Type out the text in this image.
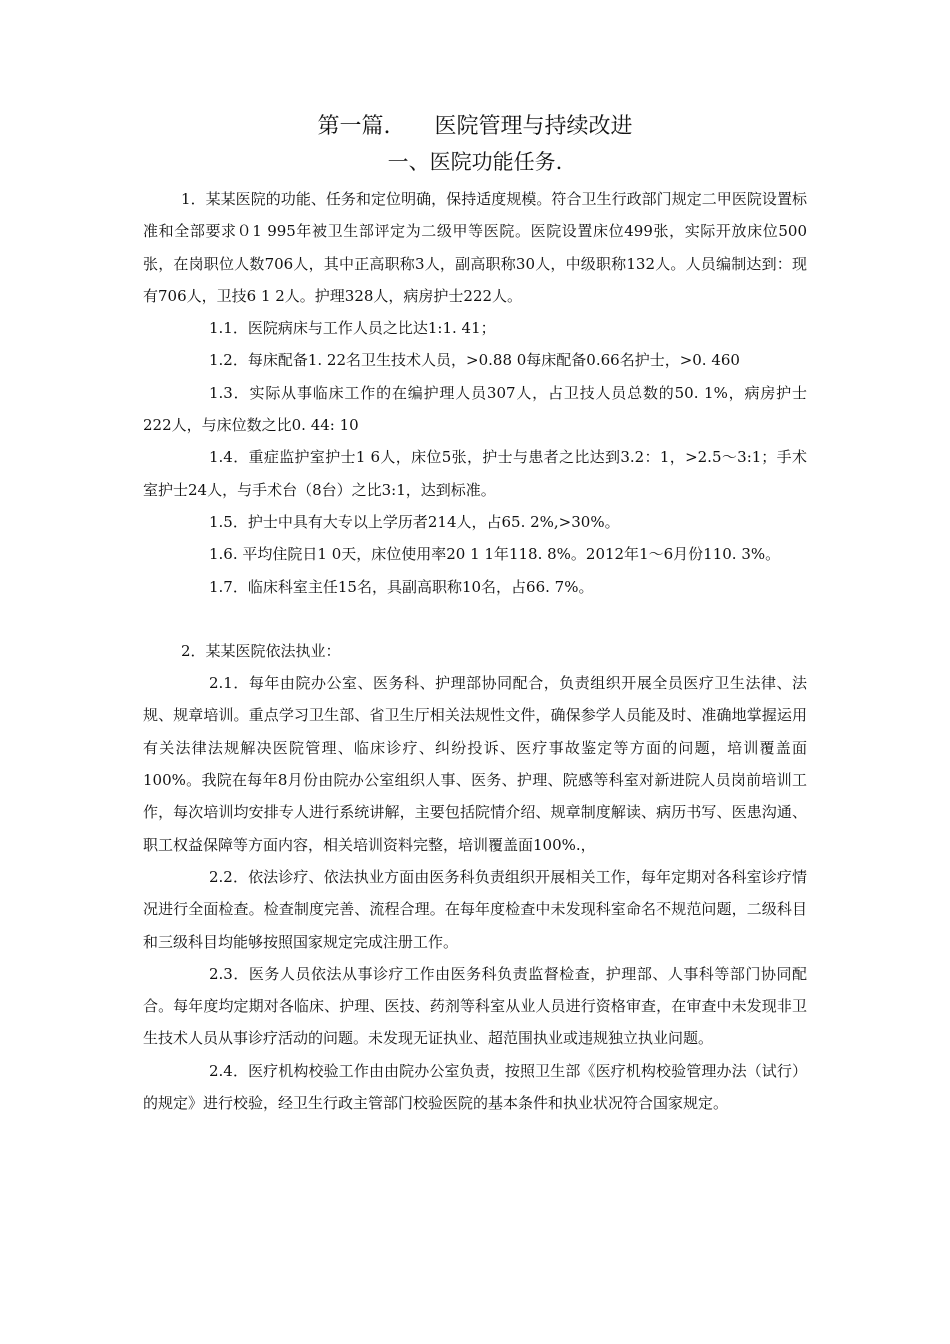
第一篇.　　医院管理与持续改进
一、医院功能任务.

1．某某医院的功能、任务和定位明确，保持适度规模。符合卫生行政部门规定二甲医院设置标准和全部要求０1 995年被卫生部评定为二级甲等医院。医院设置床位499张，实际开放床位500张，在岗职位人数706人，其中正高职称3人，副高职称30人，中级职称132人。人员编制达到：现有706人，卫技6 1 2人。护理328人，病房护士222人。

1.1．医院病床与工作人员之比达1:1. 41；

1.2．每床配备1. 22名卫生技术人员，>0.88 0每床配备0.66名护士，>0. 460

1.3．实际从事临床工作的在编护理人员307人，占卫技人员总数的50. 1%，病房护士222人，与床位数之比0. 44: 10

1.4．重症监护室护士1 6人，床位5张，护士与患者之比达到3.2：1，>2.5～3:1；手术室护士24人，与手术台（8台）之比3:1，达到标准。

1.5．护士中具有大专以上学历者214人，占65. 2%,>30%。

1.6. 平均住院日1 0天，床位使用率20 1 1年118. 8%。2012年1～6月份110. 3%。

1.7．临床科室主任15名，具副高职称10名，占66. 7%。

2．某某医院依法执业：

2.1．每年由院办公室、医务科、护理部协同配合，负责组织开展全员医疗卫生法律、法规、规章培训。重点学习卫生部、省卫生厅相关法规性文件，确保参学人员能及时、准确地掌握运用有关法律法规解决医院管理、临床诊疗、纠纷投诉、医疗事故鉴定等方面的问题，培训覆盖面100%。我院在每年8月份由院办公室组织人事、医务、护理、院感等科室对新进院人员岗前培训工作，每次培训均安排专人进行系统讲解，主要包括院情介绍、规章制度解读、病历书写、医患沟通、职工权益保障等方面内容，相关培训资料完整，培训覆盖面100%.，

2.2．依法诊疗、依法执业方面由医务科负责组织开展相关工作，每年定期对各科室诊疗情况进行全面检查。检查制度完善、流程合理。在每年度检查中未发现科室命名不规范问题，二级科目和三级科目均能够按照国家规定完成注册工作。

2.3．医务人员依法从事诊疗工作由医务科负责监督检查，护理部、人事科等部门协同配合。每年度均定期对各临床、护理、医技、药剂等科室从业人员进行资格审查，在审查中未发现非卫生技术人员从事诊疗活动的问题。未发现无证执业、超范围执业或违规独立执业问题。

2.4．医疗机构校验工作由由院办公室负责，按照卫生部《医疗机构校验管理办法（试行）的规定》进行校验，经卫生行政主管部门校验医院的基本条件和执业状况符合国家规定。
